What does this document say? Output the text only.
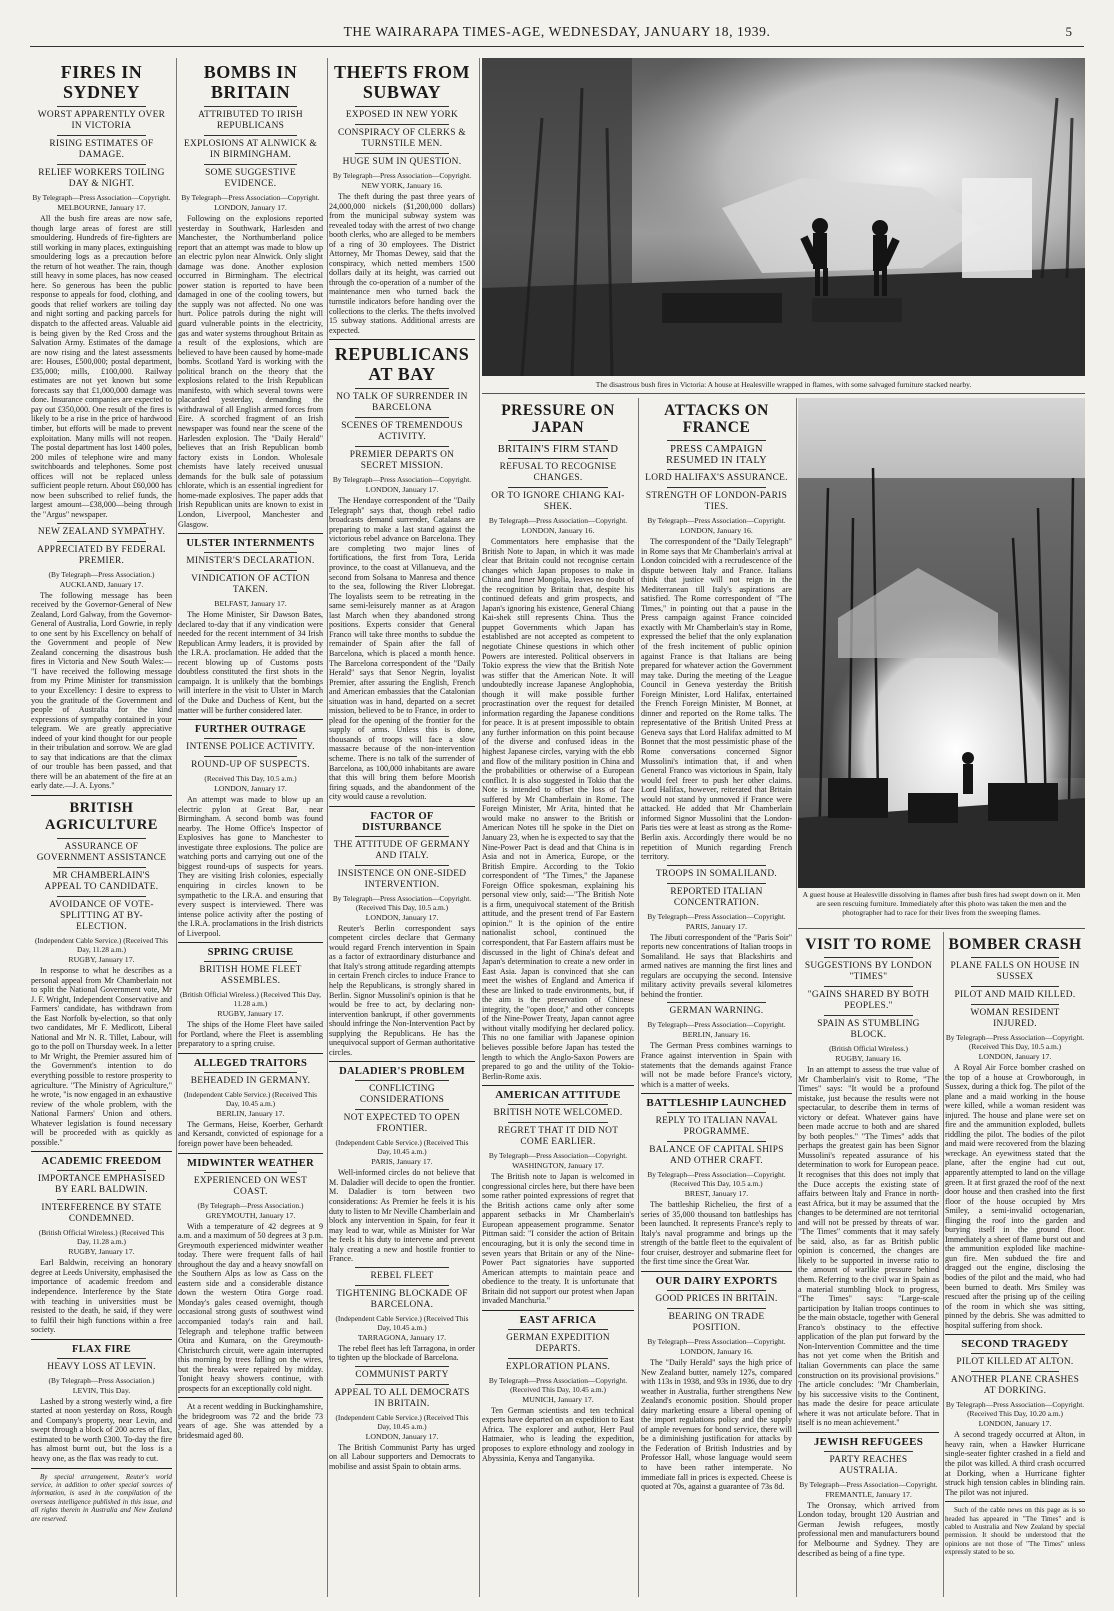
THE WAIRARAPA TIMES-AGE, WEDNESDAY, JANUARY 18, 1939.	5
FIRES IN SYDNEY
WORST APPARENTLY OVER IN VICTORIA
RISING ESTIMATES OF DAMAGE.
RELIEF WORKERS TOILING DAY & NIGHT.
By Telegraph—Press Association—Copyright.
MELBOURNE, January 17.

All the bush fire areas are now safe, though large areas of forest are still smouldering. Hundreds of fire-fighters are still working in many places, extinguishing smouldering logs as a precaution before the return of hot weather. The rain, though still heavy in some places, has now ceased here. So generous has been the public response to appeals for food, clothing, and goods that relief workers are toiling day and night sorting and packing parcels for dispatch to the affected areas. Valuable aid is being given by the Red Cross and the Salvation Army. Estimates of the damage are now rising and the latest assessments are: Houses, £500,000; postal department, £35,000; mills, £100,000. Railway estimates are not yet known but some forecasts say that £1,000,000 damage was done. Insurance companies are expected to pay out £350,000. One result of the fires is likely to be a rise in the price of hardwood timber, but efforts will be made to prevent exploitation. Many mills will not reopen. The postal department has lost 1400 poles, 200 miles of telephone wire and many switchboards and telephones. Some post offices will not be replaced unless sufficient people return. About £60,000 has now been subscribed to relief funds, the largest amount—£38,000—being through the "Argus" newspaper.

NEW ZEALAND SYMPATHY.
APPRECIATED BY FEDERAL PREMIER.
(By Telegraph—Press Association.)
AUCKLAND, January 17.

The following message has been received by the Governor-General of New Zealand, Lord Galway, from the Governor-General of Australia, Lord Gowrie, in reply to one sent by his Excellency on behalf of the Government and people of New Zealand concerning the disastrous bush fires in Victoria and New South Wales:— "I have received the following message from my Prime Minister for transmission to your Excellency: I desire to express to you the gratitude of the Government and people of Australia for the kind expressions of sympathy contained in your telegram. We are greatly appreciative indeed of your kind thought for our people in their tribulation and sorrow. We are glad to say that indications are that the climax of our trouble has been passed, and that there will be an abatement of the fire at an early date.—J. A. Lyons."

BRITISH AGRICULTURE
ASSURANCE OF GOVERNMENT ASSISTANCE
MR CHAMBERLAIN'S APPEAL TO CANDIDATE.
AVOIDANCE OF VOTE-SPLITTING AT BY-ELECTION.
(Independent Cable Service.) (Received This Day, 11.28 a.m.)
RUGBY, January 17.

In response to what he describes as a personal appeal from Mr Chamberlain not to split the National Government vote, Mr J. F. Wright, Independent Conservative and Farmers' candidate, has withdrawn from the East Norfolk by-election, so that only two candidates, Mr F. Medlicott, Liberal National and Mr N. R. Tillet, Labour, will go to the poll on Thursday week. In a letter to Mr Wright, the Premier assured him of the Government's intention to do everything possible to restore prosperity to agriculture. "The Ministry of Agriculture," he wrote, "is now engaged in an exhaustive review of the whole problem, with the National Farmers' Union and others. Whatever legislation is found necessary will be proceeded with as quickly as possible."

ACADEMIC FREEDOM
IMPORTANCE EMPHASISED BY EARL BALDWIN.
INTERFERENCE BY STATE CONDEMNED.
(British Official Wireless.) (Received This Day, 11.28 a.m.)
RUGBY, January 17.

Earl Baldwin, receiving an honorary degree at Leeds University, emphasised the importance of academic freedom and independence. Interference by the State with teaching in universities must be resisted to the death, he said, if they were to fulfil their high functions within a free society.

FLAX FIRE
HEAVY LOSS AT LEVIN.
(By Telegraph—Press Association.)
LEVIN, This Day.

Lashed by a strong westerly wind, a fire started at noon yesterday on Ross, Rough and Company's property, near Levin, and swept through a block of 200 acres of flax, estimated to be worth £300. To-day the fire has almost burnt out, but the loss is a heavy one, as the flax was ready to cut.

By special arrangement, Reuter's world service, in addition to other special sources of information, is used in the compilation of the overseas intelligence published in this issue, and all rights therein in Australia and New Zealand are reserved.

BOMBS IN BRITAIN
ATTRIBUTED TO IRISH REPUBLICANS
EXPLOSIONS AT ALNWICK & IN BIRMINGHAM.
SOME SUGGESTIVE EVIDENCE.
By Telegraph—Press Association—Copyright.
LONDON, January 17.

Following on the explosions reported yesterday in Southwark, Harlesden and Manchester, the Northumberland police report that an attempt was made to blow up an electric pylon near Alnwick. Only slight damage was done. Another explosion occurred in Birmingham. The electrical power station is reported to have been damaged in one of the cooling towers, but the supply was not affected. No one was hurt. Police patrols during the night will guard vulnerable points in the electricity, gas and water systems throughout Britain as a result of the explosions, which are believed to have been caused by home-made bombs. Scotland Yard is working with the political branch on the theory that the explosions related to the Irish Republican manifesto, with which several towns were placarded yesterday, demanding the withdrawal of all English armed forces from Eire. A scorched fragment of an Irish newspaper was found near the scene of the Harlesden explosion. The "Daily Herald" believes that an Irish Republican bomb factory exists in London. Wholesale chemists have lately received unusual demands for the bulk sale of potassium chlorate, which is an essential ingredient for home-made explosives. The paper adds that Irish Republican units are known to exist in London, Liverpool, Manchester and Glasgow.

ULSTER INTERNMENTS
MINISTER'S DECLARATION.
VINDICATION OF ACTION TAKEN.
BELFAST, January 17.

The Home Minister, Sir Dawson Bates, declared to-day that if any vindication were needed for the recent internment of 34 Irish Republican Army leaders, it is provided by the I.R.A. proclamation. He added that the recent blowing up of Customs posts doubtless constituted the first shots in the campaign. It is unlikely that the bombings will interfere in the visit to Ulster in March of the Duke and Duchess of Kent, but the matter will be further considered later.

FURTHER OUTRAGE
INTENSE POLICE ACTIVITY.
ROUND-UP OF SUSPECTS.
(Received This Day, 10.5 a.m.)
LONDON, January 17.

An attempt was made to blow up an electric pylon at Great Bar, near Birmingham. A second bomb was found nearby. The Home Office's Inspector of Explosives has gone to Manchester to investigate three explosions. The police are watching ports and carrying out one of the biggest round-ups of suspects for years. They are visiting Irish colonies, especially enquiring in circles known to be sympathetic to the I.R.A. and ensuring that every suspect is interviewed. There was intense police activity after the posting of the I.R.A. proclamations in the Irish districts of Liverpool.

SPRING CRUISE
BRITISH HOME FLEET ASSEMBLES.
(British Official Wireless.) (Received This Day, 11.28 a.m.)
RUGBY, January 17.

The ships of the Home Fleet have sailed for Portland, where the Fleet is assembling preparatory to a spring cruise.

ALLEGED TRAITORS
BEHEADED IN GERMANY.
(Independent Cable Service.) (Received This Day, 10.45 a.m.)
BERLIN, January 17.

The Germans, Heise, Koerber, Gerhardt and Kersandt, convicted of espionage for a foreign power have been beheaded.

MIDWINTER WEATHER
EXPERIENCED ON WEST COAST.
(By Telegraph—Press Association.)
GREYMOUTH, January 17.

With a temperature of 42 degrees at 9 a.m. and a maximum of 50 degrees at 3 p.m. Greymouth experienced midwinter weather today. There were frequent falls of hail throughout the day and a heavy snowfall on the Southern Alps as low as Cass on the eastern side and a considerable distance down the western Otira Gorge road. Monday's gales ceased overnight, though occasional strong gusts of southwest wind accompanied today's rain and hail. Telegraph and telephone traffic between Otira and Kumara, on the Greymouth-Christchurch circuit, were again interrupted this morning by trees falling on the wires, but the breaks were repaired by midday. Tonight heavy showers continue, with prospects for an exceptionally cold night.

At a recent wedding in Buckinghamshire, the bridegroom was 72 and the bride 73 years of age. She was attended by a bridesmaid aged 80.

THEFTS FROM SUBWAY
EXPOSED IN NEW YORK
CONSPIRACY OF CLERKS & TURNSTILE MEN.
HUGE SUM IN QUESTION.
By Telegraph—Press Association—Copyright.
NEW YORK, January 16.

The theft during the past three years of 24,000,000 nickels ($1,200,000 dollars) from the municipal subway system was revealed today with the arrest of two change booth clerks, who are alleged to be members of a ring of 30 employees. The District Attorney, Mr Thomas Dewey, said that the conspiracy, which netted members 1500 dollars daily at its height, was carried out through the co-operation of a number of the maintenance men who turned back the turnstile indicators before handing over the collections to the clerks. The thefts involved 15 subway stations. Additional arrests are expected.

REPUBLICANS AT BAY
NO TALK OF SURRENDER IN BARCELONA
SCENES OF TREMENDOUS ACTIVITY.
PREMIER DEPARTS ON SECRET MISSION.
By Telegraph—Press Association—Copyright.
LONDON, January 17.

The Hendaye correspondent of the "Daily Telegraph" says that, though rebel radio broadcasts demand surrender, Catalans are preparing to make a last stand against the victorious rebel advance on Barcelona. They are completing two major lines of fortifications, the first from Tora, Lerida province, to the coast at Villanueva, and the second from Solsana to Manresa and thence to the sea, following the River Llobregat. The loyalists seem to be retreating in the same semi-leisurely manner as at Aragon last March when they abandoned strong positions. Experts consider that General Franco will take three months to subdue the remainder of Spain after the fall of Barcelona, which is placed a month hence. The Barcelona correspondent of the "Daily Herald" says that Senor Negrin, loyalist Premier, after assuring the English, French and American embassies that the Catalonian situation was in hand, departed on a secret mission, believed to be to France, in order to plead for the opening of the frontier for the supply of arms. Unless this is done, thousands of troops will face a slow massacre because of the non-intervention scheme. There is no talk of the surrender of Barcelona, as 100,000 inhabitants are aware that this will bring them before Moorish firing squads, and the abandonment of the city would cause a revolution.

FACTOR OF DISTURBANCE
THE ATTITUDE OF GERMANY AND ITALY.
INSISTENCE ON ONE-SIDED INTERVENTION.
By Telegraph—Press Association—Copyright. (Received This Day, 10.5 a.m.)
LONDON, January 17.

Reuter's Berlin correspondent says competent circles declare that Germany would regard French intervention in Spain as a factor of extraordinary disturbance and that Italy's strong attitude regarding attempts in certain French circles to induce France to help the Republicans, is strongly shared in Berlin. Signor Mussolini's opinion is that he would be free to act, by declaring non-intervention bankrupt, if other governments should infringe the Non-Intervention Pact by supplying the Republicans. He has the unequivocal support of German authoritative circles.

DALADIER'S PROBLEM
CONFLICTING CONSIDERATIONS
NOT EXPECTED TO OPEN FRONTIER.
(Independent Cable Service.) (Received This Day, 10.45 a.m.)
PARIS, January 17.

Well-informed circles do not believe that M. Daladier will decide to open the frontier. M. Daladier is torn between two considerations: As Premier he feels it is his duty to listen to Mr Neville Chamberlain and block any intervention in Spain, for fear it may lead to war, while as Minister for War he feels it his duty to intervene and prevent Italy creating a new and hostile frontier to France.

REBEL FLEET
TIGHTENING BLOCKADE OF BARCELONA.
(Independent Cable Service.) (Received This Day, 10.45 a.m.)
TARRAGONA, January 17.

The rebel fleet has left Tarragona, in order to tighten up the blockade of Barcelona.

COMMUNIST PARTY
APPEAL TO ALL DEMOCRATS IN BRITAIN.
(Independent Cable Service.) (Received This Day, 10.45 a.m.)
LONDON, January 17.

The British Communist Party has urged on all Labour supporters and Democrats to mobilise and assist Spain to obtain arms.

The disastrous bush fires in Victoria: A house at Healesville wrapped in flames, with some salvaged furniture stacked nearby.
PRESSURE ON JAPAN
BRITAIN'S FIRM STAND
REFUSAL TO RECOGNISE CHANGES.
OR TO IGNORE CHIANG KAI-SHEK.
By Telegraph—Press Association—Copyright.
LONDON, January 16.

Commentators here emphasise that the British Note to Japan, in which it was made clear that Britain could not recognise certain changes which Japan proposes to make in China and Inner Mongolia, leaves no doubt of the recognition by Britain that, despite his continued defeats and grim prospects, and Japan's ignoring his existence, General Chiang Kai-shek still represents China. Thus the puppet Governments which Japan has established are not accepted as competent to negotiate Chinese questions in which other Powers are interested. Political observers in Tokio express the view that the British Note was stiffer that the American Note. It will undoubtedly increase Japanese Anglophobia, though it will make possible further procrastination over the request for detailed information regarding the Japanese conditions for peace. It is at present impossible to obtain any further information on this point because of the diverse and confused ideas in the highest Japanese circles, varying with the ebb and flow of the military position in China and the probabilities or otherwise of a European conflict. It is also suggested in Tokio that the Note is intended to offset the loss of face suffered by Mr Chamberlain in Rome. The Foreign Minister, Mr Arita, hinted that he would make no answer to the British or American Notes till he spoke in the Diet on January 23, when he is expected to say that the Nine-Power Pact is dead and that China is in Asia and not in America, Europe, or the British Empire. According to the Tokio correspondent of "The Times," the Japanese Foreign Office spokesman, explaining his personal view only, said:—"The British Note is a firm, unequivocal statement of the British attitude, and the present trend of Far Eastern opinion." It is the opinion of the entire nationalist school, continued the correspondent, that Far Eastern affairs must be discussed in the light of China's defeat and Japan's determination to create a new order in East Asia. Japan is convinced that she can meet the wishes of England and America if these are linked to trade environments, but, if the aim is the preservation of Chinese integrity, the "open door," and other concepts of the Nine-Power Treaty, Japan cannot agree without vitally modifying her declared policy. This no one familiar with Japanese opinion believes possible before Japan has tested the length to which the Anglo-Saxon Powers are prepared to go and the utility of the Tokio-Berlin-Rome axis.

AMERICAN ATTITUDE
BRITISH NOTE WELCOMED.
REGRET THAT IT DID NOT COME EARLIER.
By Telegraph—Press Association—Copyright.
WASHINGTON, January 17.

The British note to Japan is welcomed in congressional circles here, but there have been some rather pointed expressions of regret that the British actions came only after some apparent setbacks in Mr Chamberlain's European appeasement programme. Senator Pittman said: "I consider the action of Britain encouraging, but it is only the second time in seven years that Britain or any of the Nine-Power Pact signatories have supported American attempts to maintain peace and obedience to the treaty. It is unfortunate that Britain did not support our protest when Japan invaded Manchuria."

EAST AFRICA
GERMAN EXPEDITION DEPARTS.
EXPLORATION PLANS.
By Telegraph—Press Association—Copyright. (Received This Day, 10.45 a.m.)
MUNICH, January 17.

Ten German scientists and ten technical experts have departed on an expedition to East Africa. The explorer and author, Herr Paul Hatmaier, who is leading the expedition, proposes to explore ethnology and zoology in Abyssinia, Kenya and Tanganyika.

ATTACKS ON FRANCE
PRESS CAMPAIGN RESUMED IN ITALY
LORD HALIFAX'S ASSURANCE.
STRENGTH OF LONDON-PARIS TIES.
By Telegraph—Press Association—Copyright.
LONDON, January 16.

The correspondent of the "Daily Telegraph" in Rome says that Mr Chamberlain's arrival at London coincided with a recrudescence of the dispute between Italy and France. Italians think that justice will not reign in the Mediterranean till Italy's aspirations are satisfied. The Rome correspondent of "The Times," in pointing out that a pause in the Press campaign against France coincided exactly with Mr Chamberlain's stay in Rome, expressed the belief that the only explanation of the fresh incitement of public opinion against France is that Italians are being prepared for whatever action the Government may take. During the meeting of the League Council in Geneva yesterday the British Foreign Minister, Lord Halifax, entertained the French Foreign Minister, M Bonnet, at dinner and reported on the Rome talks. The representative of the British United Press at Geneva says that Lord Halifax admitted to M Bonnet that the most pessimistic phase of the Rome conversations concerned Signor Mussolini's intimation that, if and when General Franco was victorious in Spain, Italy would feel freer to push her other claims. Lord Halifax, however, reiterated that Britain would not stand by unmoved if France were attacked. He added that Mr Chamberlain informed Signor Mussolini that the London-Paris ties were at least as strong as the Rome-Berlin axis. Accordingly there would be no repetition of Munich regarding French territory.

TROOPS IN SOMALILAND.
REPORTED ITALIAN CONCENTRATION.
By Telegraph—Press Association—Copyright.
PARIS, January 17.

The Jibuti correspondent of the "Paris Soir" reports new concentrations of Italian troops in Somaliland. He says that Blackshirts and armed natives are manning the first lines and regulars are occupying the second. Intensive military activity prevails several kilometres behind the frontier.

GERMAN WARNING.
By Telegraph—Press Association—Copyright.
BERLIN, January 16.

The German Press combines warnings to France against intervention in Spain with statements that the demands against France will not be made before France's victory, which is a matter of weeks.

BATTLESHIP LAUNCHED
REPLY TO ITALIAN NAVAL PROGRAMME.
BALANCE OF CAPITAL SHIPS AND OTHER CRAFT.
By Telegraph—Press Association—Copyright. (Received This Day, 10.5 a.m.)
BREST, January 17.

The battleship Richelieu, the first of a series of 35,000 thousand ton battleships has been launched. It represents France's reply to Italy's naval programme and brings up the strength of the battle fleet to the equivalent of four cruiser, destroyer and submarine fleet for the first time since the Great War.

OUR DAIRY EXPORTS
GOOD PRICES IN BRITAIN.
BEARING ON TRADE POSITION.
By Telegraph—Press Association—Copyright.
LONDON, January 16.

The "Daily Herald" says the high price of New Zealand butter, namely 127s, compared with 113s in 1938, and 93s in 1936, due to dry weather in Australia, further strengthens New Zealand's economic position. Should proper dairy marketing ensure a liberal opening of the import regulations policy and the supply of ample revenues for bond service, there will be a diminishing justification for attacks by the Federation of British Industries and by Professor Hall, whose language would seem to have been rather intemperate. No immediate fall in prices is expected. Cheese is quoted at 70s, against a guarantee of 73s 8d.

A guest house at Healesville dissolving in flames after bush fires had swept down on it. Men are seen rescuing furniture. Immediately after this photo was taken the men and the photographer had to race for their lives from the sweeping flames.
VISIT TO ROME
SUGGESTIONS BY LONDON "TIMES"
"GAINS SHARED BY BOTH PEOPLES."
SPAIN AS STUMBLING BLOCK.
(British Official Wireless.)
RUGBY, January 16.

In an attempt to assess the true value of Mr Chamberlain's visit to Rome, "The Times" says: "It would be a profound mistake, just because the results were not spectacular, to describe them in terms of victory or defeat. Whatever gains have been made accrue to both and are shared by both peoples." "The Times" adds that perhaps the greatest gain has been Signor Mussolini's repeated assurance of his determination to work for European peace. It recognises that this does not imply that the Duce accepts the existing state of affairs between Italy and France in north-east Africa, but it may be assumed that the changes to be determined are not territorial and will not be pressed by threats of war. "The Times" comments that it may safely be said, also, as far as British public opinion is concerned, the changes are likely to be supported in inverse ratio to the amount of warlike pressure behind them. Referring to the civil war in Spain as a material stumbling block to progress, "The Times" says: "Large-scale participation by Italian troops continues to be the main obstacle, together with General Franco's obstinacy to the effective application of the plan put forward by the Non-Intervention Committee and the time has not yet come when the British and Italian Governments can place the same construction on its provisional provisions." The article concludes: "Mr Chamberlain, by his successive visits to the Continent, has made the desire for peace articulate where it was not articulate before. That in itself is no mean achievement."

JEWISH REFUGEES
PARTY REACHES AUSTRALIA.
By Telegraph—Press Association—Copyright.
FREMANTLE, January 17.

The Oronsay, which arrived from London today, brought 120 Austrian and German Jewish refugees, mostly professional men and manufacturers bound for Melbourne and Sydney. They are described as being of a fine type.

BOMBER CRASH
PLANE FALLS ON HOUSE IN SUSSEX
PILOT AND MAID KILLED.
WOMAN RESIDENT INJURED.
By Telegraph—Press Association—Copyright. (Received This Day, 10.5 a.m.)
LONDON, January 17.

A Royal Air Force bomber crashed on the top of a house at Crowborough, in Sussex, during a thick fog. The pilot of the plane and a maid working in the house were killed, while a woman resident was injured. The house and plane were set on fire and the ammunition exploded, bullets riddling the pilot. The bodies of the pilot and maid were recovered from the blazing wreckage. An eyewitness stated that the plane, after the engine had cut out, apparently attempted to land on the village green. It at first grazed the roof of the next door house and then crashed into the first floor of the house occupied by Mrs Smiley, a semi-invalid octogenarian, flinging the roof into the garden and burying itself in the ground floor. Immediately a sheet of flame burst out and the ammunition exploded like machine-gun fire. Men subdued the fire and dragged out the engine, disclosing the bodies of the pilot and the maid, who had been burned to death. Mrs Smiley was rescued after the prising up of the ceiling of the room in which she was sitting, pinned by the debris. She was admitted to hospital suffering from shock.

SECOND TRAGEDY
PILOT KILLED AT ALTON.
ANOTHER PLANE CRASHES AT DORKING.
By Telegraph—Press Association—Copyright. (Received This Day, 10.20 a.m.)
LONDON, January 17.

A second tragedy occurred at Alton, in heavy rain, when a Hawker Hurricane single-seater fighter crashed in a field and the pilot was killed. A third crash occurred at Dorking, when a Hurricane fighter struck high tension cables in blinding rain. The pilot was not injured.

Such of the cable news on this page as is so headed has appeared in "The Times" and is cabled to Australia and New Zealand by special permission. It should be understood that the opinions are not those of "The Times" unless expressly stated to be so.
